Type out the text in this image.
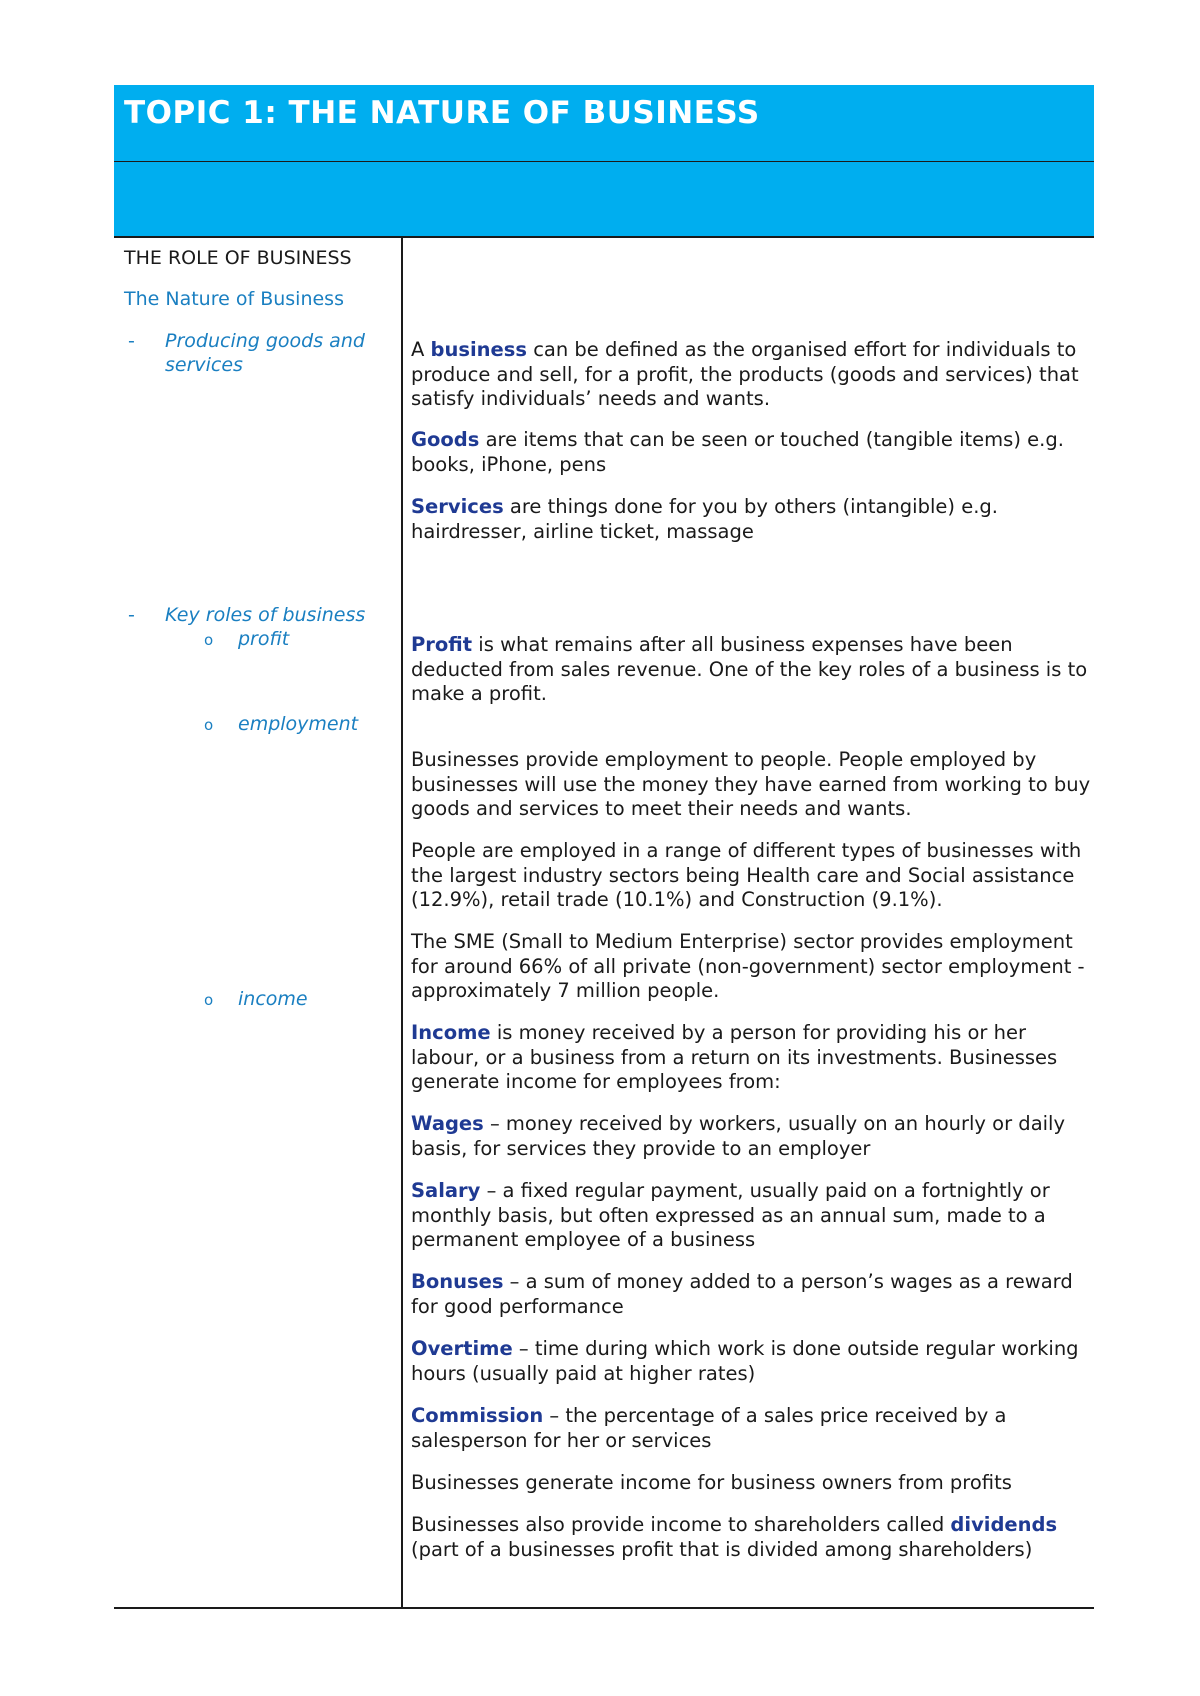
TOPIC 1: THE NATURE OF BUSINESS
THE ROLE OF BUSINESS
The Nature of Business
- Producing goods and
services
- Key roles of business
o profit
o employment
o income

A business can be defined as the organised effort for individuals to produce and sell, for a profit, the products (goods and services) that satisfy individuals’ needs and wants.

Goods are items that can be seen or touched (tangible items) e.g. books, iPhone, pens

Services are things done for you by others (intangible) e.g. hairdresser, airline ticket, massage

Profit is what remains after all business expenses have been deducted from sales revenue. One of the key roles of a business is to make a profit.

Businesses provide employment to people. People employed by businesses will use the money they have earned from working to buy goods and services to meet their needs and wants.

People are employed in a range of different types of businesses with the largest industry sectors being Health care and Social assistance (12.9%), retail trade (10.1%) and Construction (9.1%).

The SME (Small to Medium Enterprise) sector provides employment for around 66% of all private (non-government) sector employment - approximately 7 million people.

Income is money received by a person for providing his or her labour, or a business from a return on its investments. Businesses generate income for employees from:

Wages – money received by workers, usually on an hourly or daily basis, for services they provide to an employer

Salary – a fixed regular payment, usually paid on a fortnightly or monthly basis, but often expressed as an annual sum, made to a permanent employee of a business

Bonuses – a sum of money added to a person’s wages as a reward for good performance

Overtime – time during which work is done outside regular working hours (usually paid at higher rates)

Commission – the percentage of a sales price received by a salesperson for her or services

Businesses generate income for business owners from profits

Businesses also provide income to shareholders called dividends (part of a businesses profit that is divided among shareholders)
